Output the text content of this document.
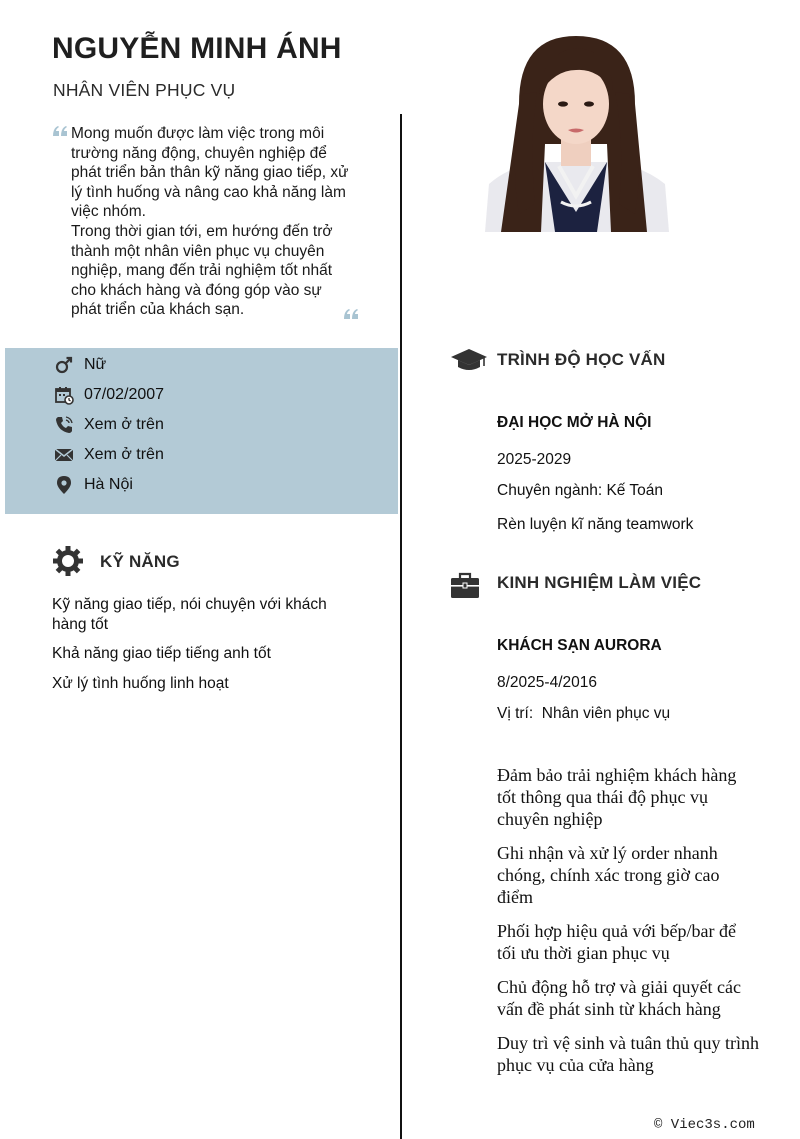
NGUYỄN MINH ÁNH
NHÂN VIÊN PHỤC VỤ

Mong muốn được làm việc trong môi trường năng động, chuyên nghiệp để phát triển bản thân kỹ năng giao tiếp, xử lý tình huống và nâng cao khả năng làm việc nhóm.

Trong thời gian tới, em hướng đến trở thành một nhân viên phục vụ chuyên nghiệp, mang đến trải nghiệm tốt nhất cho khách hàng và đóng góp vào sự phát triển của khách sạn.

Nữ
07/02/2007
Xem ở trên
Xem ở trên
Hà Nội
KỸ NĂNG
Kỹ năng giao tiếp, nói chuyện với khách hàng tốt
Khả năng giao tiếp tiếng anh tốt
Xử lý tình huống linh hoạt
TRÌNH ĐỘ HỌC VẤN
ĐẠI HỌC MỞ HÀ NỘI
2025-2029
Chuyên ngành: Kế Toán
Rèn luyện kĩ năng teamwork
KINH NGHIỆM LÀM VIỆC
KHÁCH SẠN AURORA
8/2025-4/2016
Vị trí:  Nhân viên phục vụ
Đảm bảo trải nghiệm khách hàng tốt thông qua thái độ phục vụ chuyên nghiệp
Ghi nhận và xử lý order nhanh chóng, chính xác trong giờ cao điểm
Phối hợp hiệu quả với bếp/bar để tối ưu thời gian phục vụ
Chủ động hỗ trợ và giải quyết các vấn đề phát sinh từ khách hàng
Duy trì vệ sinh và tuân thủ quy trình phục vụ của cửa hàng
© Viec3s.com
